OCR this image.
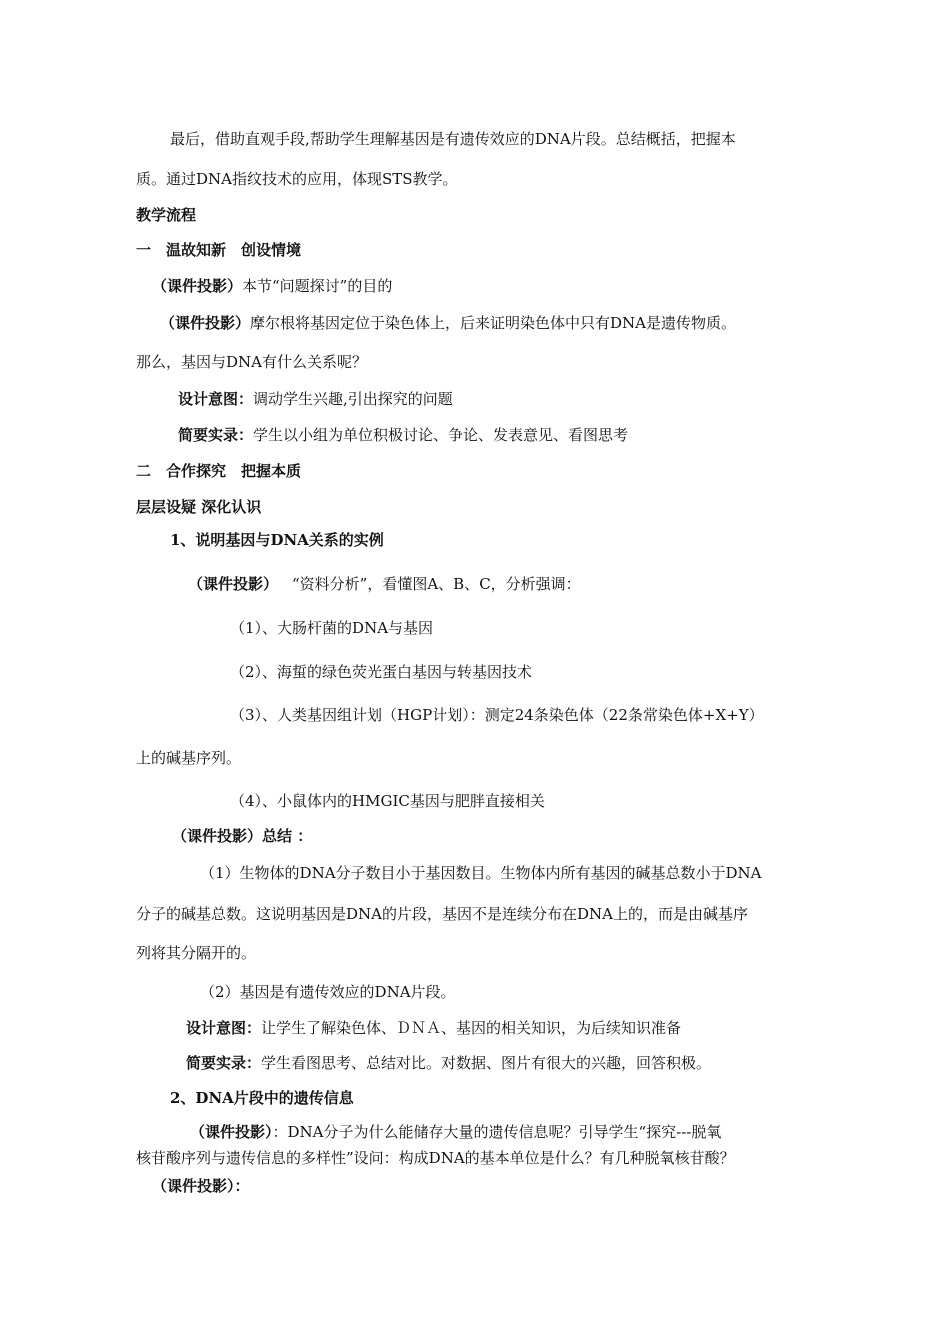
最后，借助直观手段,帮助学生理解基因是有遗传效应的DNA片段。总结概括，把握本
质。通过DNA指纹技术的应用，体现STS教学。
教学流程
一　温故知新　创设情境
（课件投影）本节“问题探讨”的目的
（课件投影）摩尔根将基因定位于染色体上，后来证明染色体中只有DNA是遗传物质。
那么，基因与DNA有什么关系呢？
设计意图：调动学生兴趣,引出探究的问题
简要实录：学生以小组为单位积极讨论、争论、发表意见、看图思考
二　合作探究　把握本质
层层设疑 深化认识
1、说明基因与DNA关系的实例
（课件投影） “资料分析”，看懂图A、B、C，分析强调：
（1）、大肠杆菌的DNA与基因
（2）、海蜇的绿色荧光蛋白基因与转基因技术
（3）、人类基因组计划（HGP计划）：测定24条染色体（22条常染色体+X+Y）
上的碱基序列。
（4）、小鼠体内的HMGIC基因与肥胖直接相关
（课件投影）总结 ：
（1）生物体的DNA分子数目小于基因数目。生物体内所有基因的碱基总数小于DNA
分子的碱基总数。这说明基因是DNA的片段，基因不是连续分布在DNA上的，而是由碱基序
列将其分隔开的。
（2）基因是有遗传效应的DNA片段。
设计意图：让学生了解染色体、ＤＮＡ、基因的相关知识，为后续知识准备
简要实录：学生看图思考、总结对比。对数据、图片有很大的兴趣，回答积极。
2、DNA片段中的遗传信息
（课件投影）：DNA分子为什么能储存大量的遗传信息呢？引导学生“探究---脱氧
核苷酸序列与遗传信息的多样性”设问：构成DNA的基本单位是什么？有几种脱氧核苷酸？
（课件投影）：
